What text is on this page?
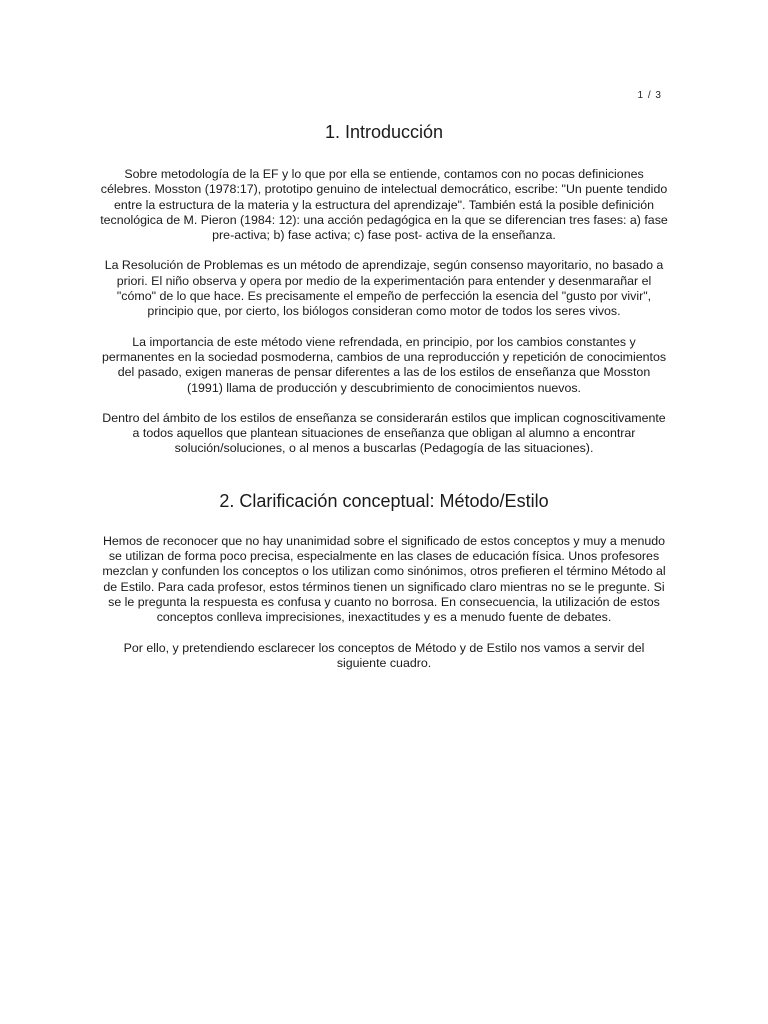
1 / 3
1. Introducción

Sobre metodología de la EF y lo que por ella se entiende, contamos con no pocas definiciones célebres. Mosston (1978:17), prototipo genuino de intelectual democrático, escribe: "Un puente tendido entre la estructura de la materia y la estructura del aprendizaje". También está la posible definición tecnológica de M. Pieron (1984: 12): una acción pedagógica en la que se diferencian tres fases: a) fase pre-activa; b) fase activa; c) fase post- activa de la enseñanza.

La Resolución de Problemas es un método de aprendizaje, según consenso mayoritario, no basado a priori. El niño observa y opera por medio de la experimentación para entender y desenmarañar el "cómo" de lo que hace. Es precisamente el empeño de perfección la esencia del "gusto por vivir", principio que, por cierto, los biólogos consideran como motor de todos los seres vivos.

La importancia de este método viene refrendada, en principio, por los cambios constantes y permanentes en la sociedad posmoderna, cambios de una reproducción y repetición de conocimientos del pasado, exigen maneras de pensar diferentes a las de los estilos de enseñanza que Mosston (1991) llama de producción y descubrimiento de conocimientos nuevos.

Dentro del ámbito de los estilos de enseñanza se considerarán estilos que implican cognoscitivamente a todos aquellos que plantean situaciones de enseñanza que obligan al alumno a encontrar solución/soluciones, o al menos a buscarlas (Pedagogía de las situaciones).

2. Clarificación conceptual: Método/Estilo

Hemos de reconocer que no hay unanimidad sobre el significado de estos conceptos y muy a menudo se utilizan de forma poco precisa, especialmente en las clases de educación física. Unos profesores mezclan y confunden los conceptos o los utilizan como sinónimos, otros prefieren el término Método al de Estilo. Para cada profesor, estos términos tienen un significado claro mientras no se le pregunte. Si se le pregunta la respuesta es confusa y cuanto no borrosa. En consecuencia, la utilización de estos conceptos conlleva imprecisiones, inexactitudes y es a menudo fuente de debates.

Por ello, y pretendiendo esclarecer los conceptos de Método y de Estilo nos vamos a servir del siguiente cuadro.
